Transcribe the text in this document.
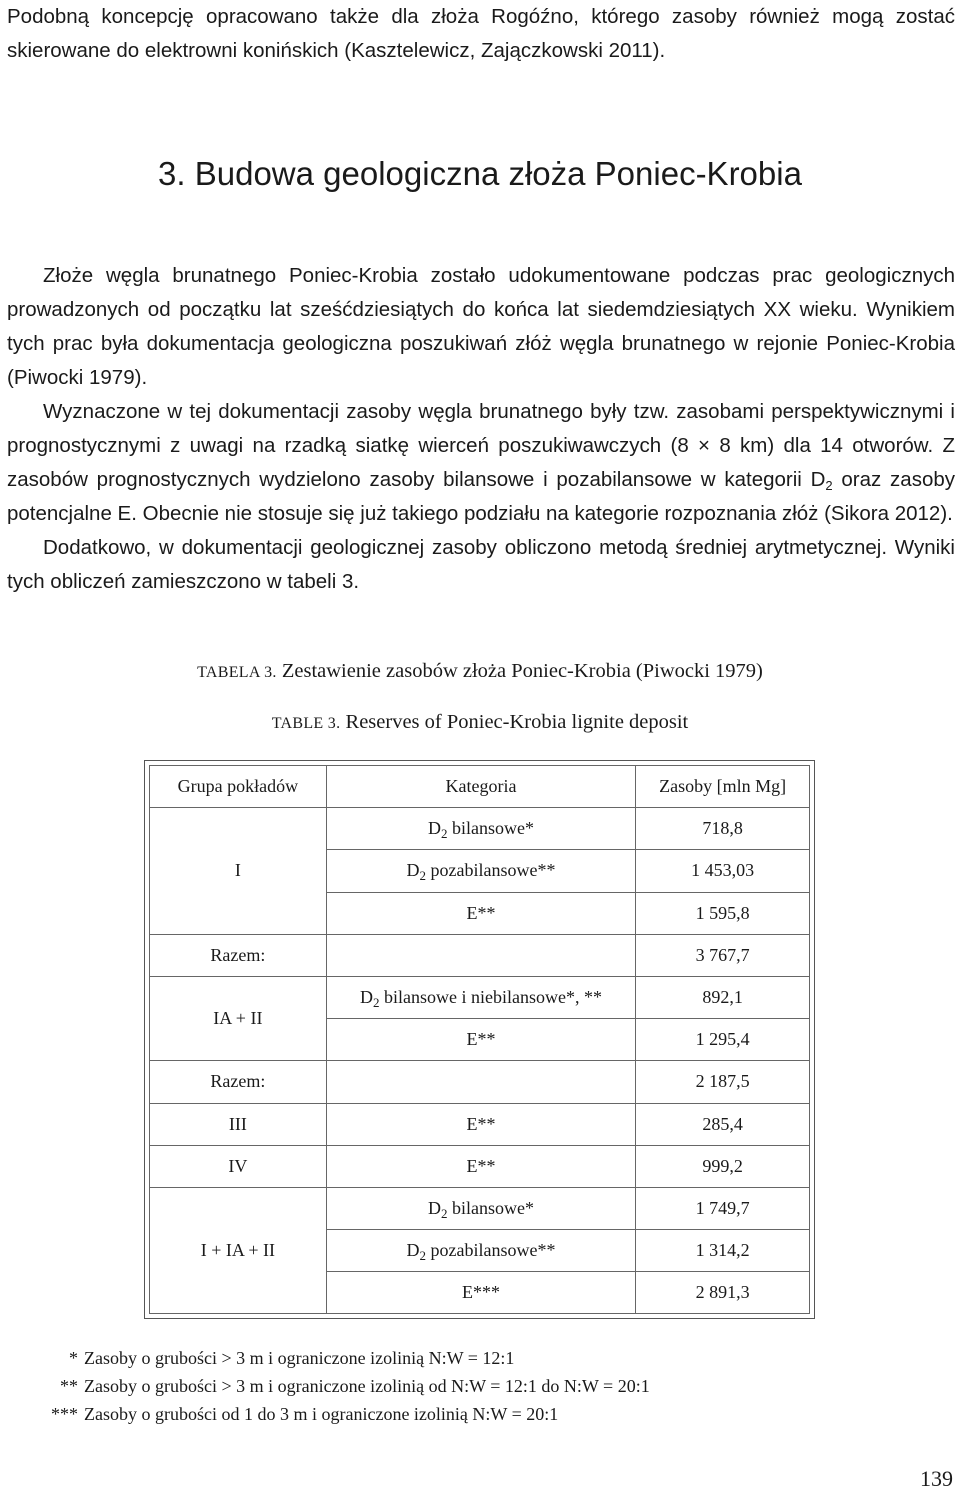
Podobną koncepcję opracowano także dla złoża Rogóźno, którego zasoby również mogą zostać skierowane do elektrowni konińskich (Kasztelewicz, Zajączkowski 2011).

3. Budowa geologiczna złoża Poniec-Krobia

Złoże węgla brunatnego Poniec-Krobia zostało udokumentowane podczas prac geologicznych prowadzonych od początku lat sześćdziesiątych do końca lat siedemdziesiątych XX wieku. Wynikiem tych prac była dokumentacja geologiczna poszukiwań złóż węgla brunatnego w rejonie Poniec-Krobia (Piwocki 1979).

Wyznaczone w tej dokumentacji zasoby węgla brunatnego były tzw. zasobami perspektywicznymi i prognostycznymi z uwagi na rzadką siatkę wierceń poszukiwawczych (8 × 8 km) dla 14 otworów. Z zasobów prognostycznych wydzielono zasoby bilansowe i pozabilansowe w kategorii $D_2$ oraz zasoby potencjalne E. Obecnie nie stosuje się już takiego podziału na kategorie rozpoznania złóż (Sikora 2012).

Dodatkowo, w dokumentacji geologicznej zasoby obliczono metodą średniej arytmetycznej. Wyniki tych obliczeń zamieszczono w tabeli 3.

TABELA 3. Zestawienie zasobów złoża Poniec-Krobia (Piwocki 1979)
TABLE 3. Reserves of Poniec-Krobia lignite deposit
Grupa pokładów	Kategoria	Zasoby [mln Mg]
I	$D_2$ bilansowe*	718,8
	$D_2$ pozabilansowe**	1 453,03
	E**	1 595,8
Razem:		3 767,7
IA + II	$D_2$ bilansowe i niebilansowe*, **	892,1
	E**	1 295,4
Razem:		2 187,5
III	E**	285,4
IV	E**	999,2
I + IA + II	$D_2$ bilansowe*	1 749,7
	$D_2$ pozabilansowe**	1 314,2
	E***	2 891,3
* Zasoby o grubości > 3 m i ograniczone izolinią N:W = 12:1
** Zasoby o grubości > 3 m i ograniczone izolinią od N:W = 12:1 do N:W = 20:1
*** Zasoby o grubości od 1 do 3 m i ograniczone izolinią N:W = 20:1
139
